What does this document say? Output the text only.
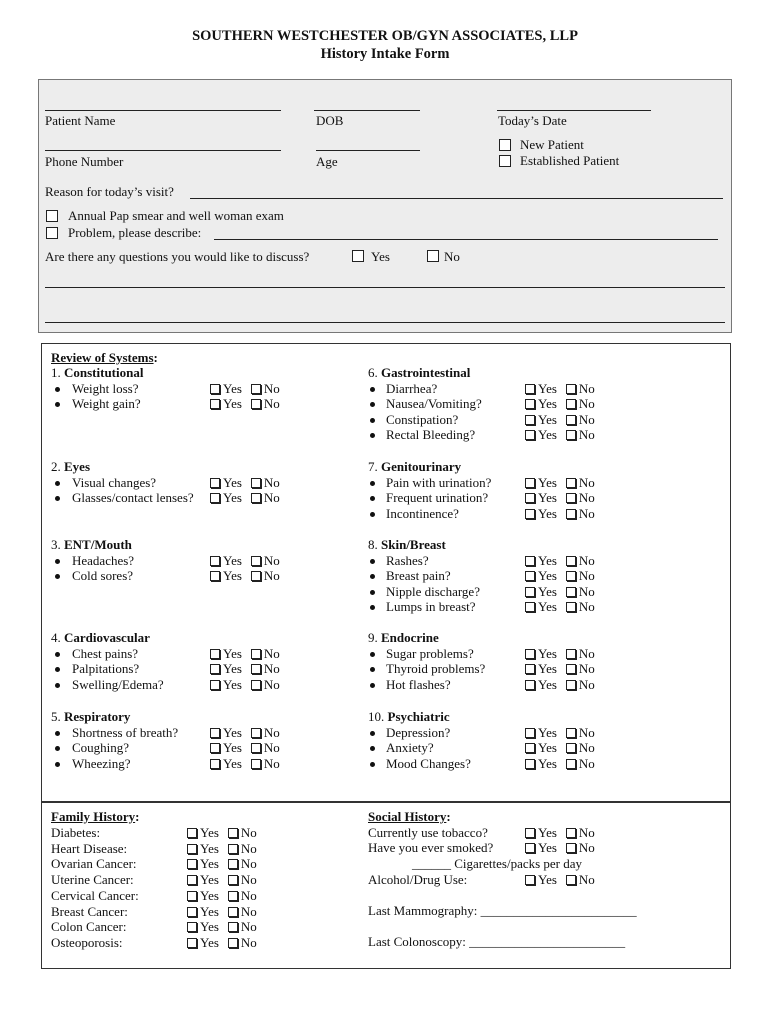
SOUTHERN WESTCHESTER OB/GYN ASSOCIATES, LLP
History Intake Form
Patient Name	DOB	Today’s Date
Phone Number	Age
New Patient
Established Patient
Reason for today’s visit?
Annual Pap smear and well woman exam
Problem, please describe:
Are there any questions you would like to discuss?	Yes	No
Review of Systems:
1. Constitutional
Weight loss?	Yes No
Weight gain?	Yes No
2. Eyes
Visual changes?	Yes No
Glasses/contact lenses?	Yes No
3. ENT/Mouth
Headaches?	Yes No
Cold sores?	Yes No
4. Cardiovascular
Chest pains?	Yes No
Palpitations?	Yes No
Swelling/Edema?	Yes No
5. Respiratory
Shortness of breath?	Yes No
Coughing?	Yes No
Wheezing?	Yes No
6. Gastrointestinal
Diarrhea?	Yes No
Nausea/Vomiting?	Yes No
Constipation?	Yes No
Rectal Bleeding?	Yes No
7. Genitourinary
Pain with urination?	Yes No
Frequent urination?	Yes No
Incontinence?	Yes No
8. Skin/Breast
Rashes?	Yes No
Breast pain?	Yes No
Nipple discharge?	Yes No
Lumps in breast?	Yes No
9. Endocrine
Sugar problems?	Yes No
Thyroid problems?	Yes No
Hot flashes?	Yes No
10. Psychiatric
Depression?	Yes No
Anxiety?	Yes No
Mood Changes?	Yes No
Family History:
Diabetes:	Yes No
Heart Disease:	Yes No
Ovarian Cancer:	Yes No
Uterine Cancer:	Yes No
Cervical Cancer:	Yes No
Breast Cancer:	Yes No
Colon Cancer:	Yes No
Osteoporosis:	Yes No
Social History:
Currently use tobacco?	Yes No
Have you ever smoked?	Yes No
______ Cigarettes/packs per day
Alcohol/Drug Use:	Yes No
Last Mammography: ________________________
Last Colonoscopy: ________________________
